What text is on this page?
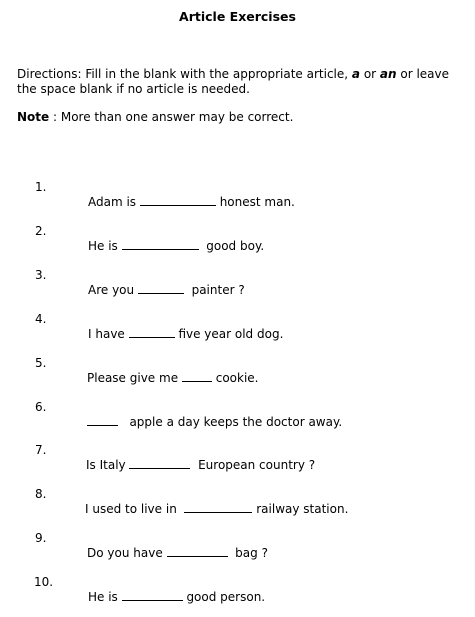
Article Exercises
Directions: Fill in the blank with the appropriate article, a or an or leave the space blank if no article is needed.
Note : More than one answer may be correct.

1.

Adam is	honest man.

2.

He is	good boy.

3.

Are you	painter ?

4.

I have	five year old dog.

5.

Please give me	cookie.

6.

apple a day keeps the doctor away.

7.

Is Italy	European country ?

8.

I used to live in	railway station.

9.

Do you have	bag ?

10.

He is	good person.
